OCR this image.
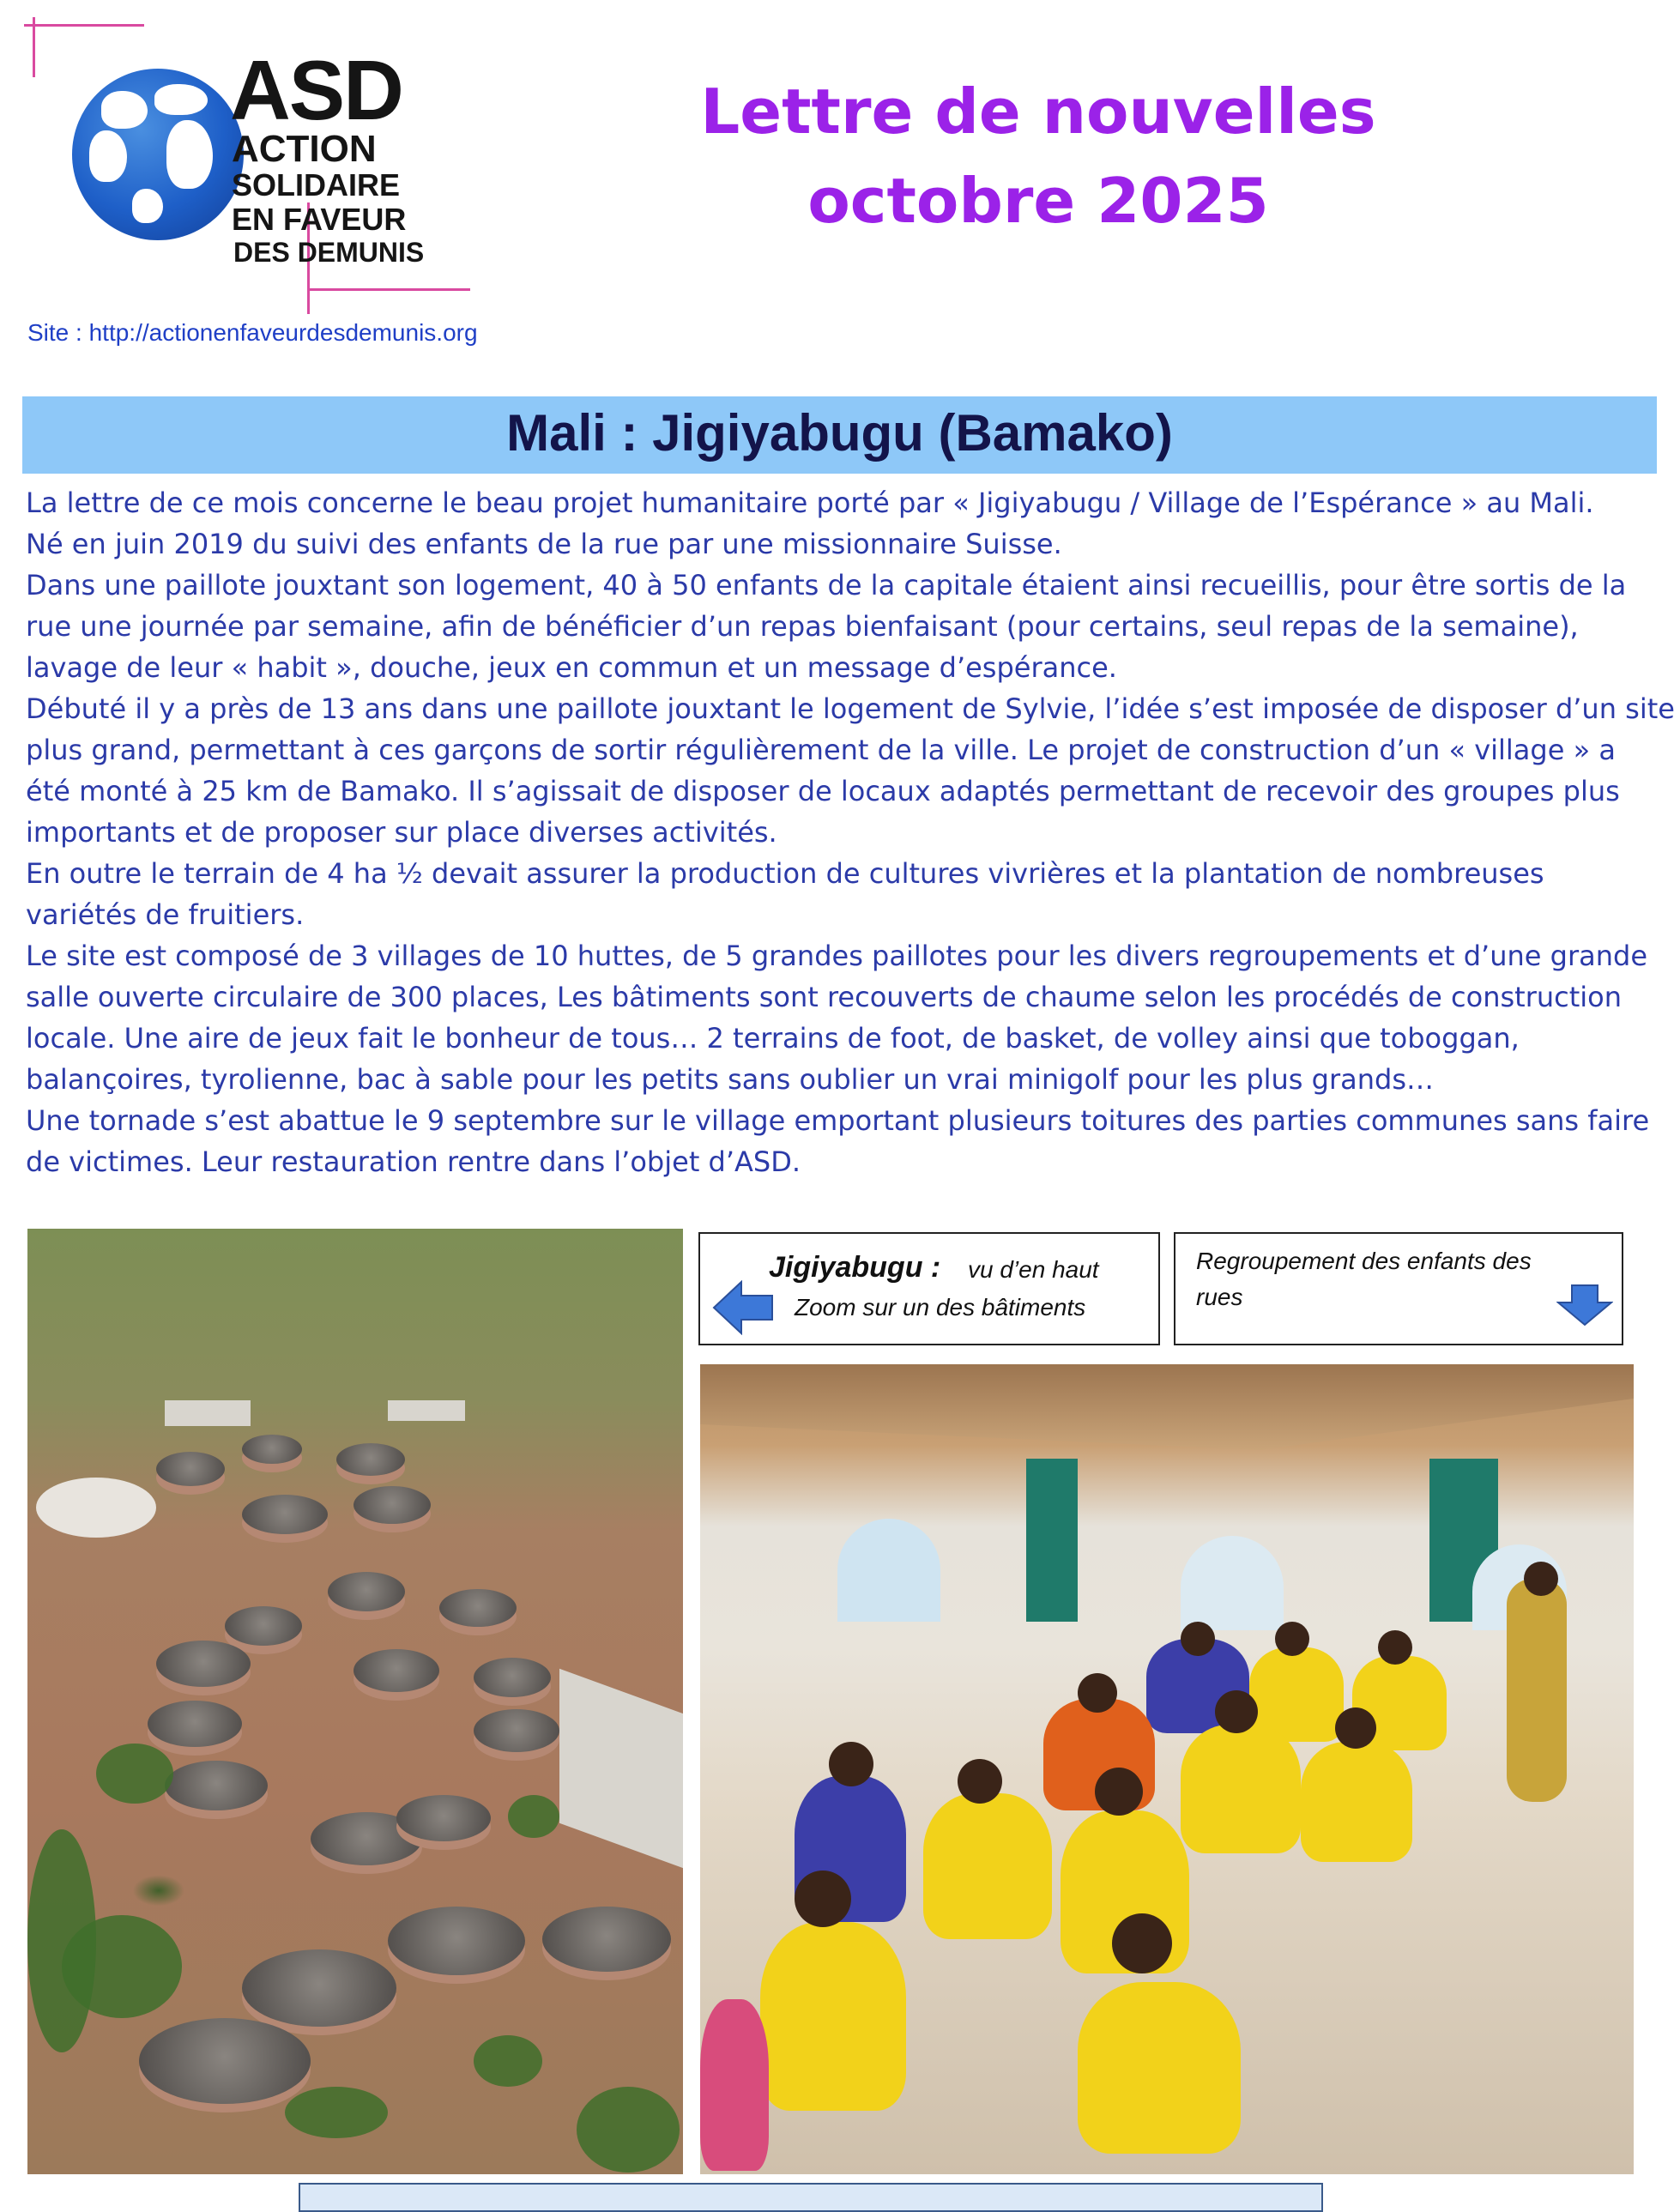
ASD
ACTION
SOLIDAIRE
EN FAVEUR
DES DEMUNIS
Lettre de nouvelles
octobre 2025
Site : http://actionenfaveurdesdemunis.org
Mali : Jigiyabugu (Bamako)

La lettre de ce mois concerne le beau projet humanitaire porté par « Jigiyabugu / Village de l’Espérance » au Mali.

Né en juin 2019 du suivi des enfants de la rue par une missionnaire Suisse.

Dans une paillote jouxtant son logement, 40 à 50 enfants de la capitale étaient ainsi recueillis, pour être sortis de la

rue une journée par semaine, afin de bénéficier d’un repas bienfaisant (pour certains, seul repas de la semaine),

lavage de leur « habit », douche, jeux en commun et un message d’espérance.

Débuté il y a près de 13 ans dans une paillote jouxtant le logement de Sylvie, l’idée s’est imposée de disposer d’un site

plus grand, permettant à ces garçons de sortir régulièrement de la ville. Le projet de construction d’un « village » a

été monté à 25 km de Bamako. Il s’agissait de disposer de locaux adaptés permettant de recevoir des groupes plus

importants et de proposer sur place diverses activités.

En outre le terrain de 4 ha ½ devait assurer la production de cultures vivrières et la plantation de nombreuses

variétés de fruitiers.

Le site est composé de 3 villages de 10 huttes, de 5 grandes paillotes pour les divers regroupements et d’une grande

salle ouverte circulaire de 300 places, Les bâtiments sont recouverts de chaume selon les procédés de construction

locale. Une aire de jeux fait le bonheur de tous… 2 terrains de foot, de basket, de volley ainsi que toboggan,

balançoires, tyrolienne, bac à sable pour les petits sans oublier un vrai minigolf pour les plus grands…

Une tornade s’est abattue le 9 septembre sur le village emportant plusieurs toitures des parties communes sans faire

de victimes. Leur restauration rentre dans l’objet d’ASD.

Jigiyabugu : vu d’en haut
Zoom sur un des bâtiments
Regroupement des enfants des
rues
